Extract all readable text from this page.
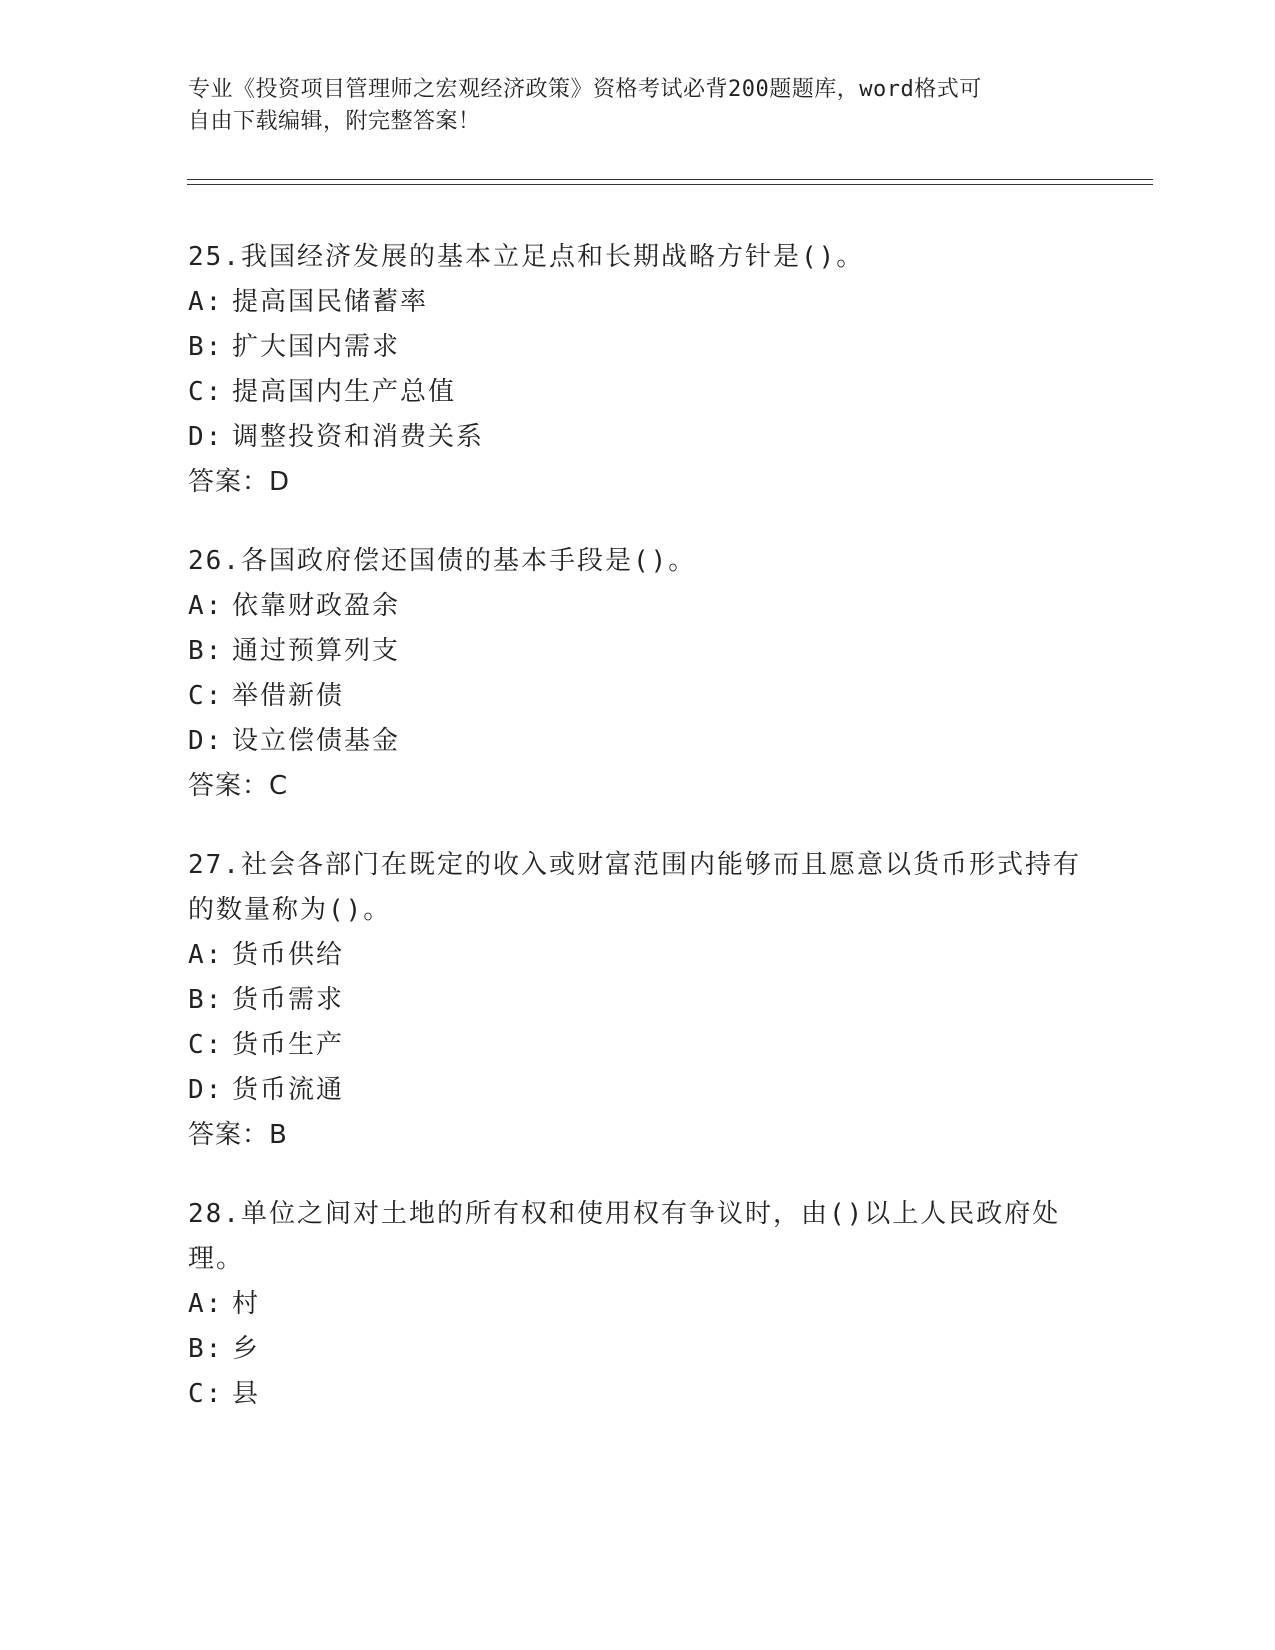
专业《投资项目管理师之宏观经济政策》资格考试必背200题题库，word格式可
自由下载编辑，附完整答案！
25.我国经济发展的基本立足点和长期战略方针是()。
A: 提高国民储蓄率
B: 扩大国内需求
C: 提高国内生产总值
D: 调整投资和消费关系
答案：D
26.各国政府偿还国债的基本手段是()。
A: 依靠财政盈余
B: 通过预算列支
C: 举借新债
D: 设立偿债基金
答案：C
27.社会各部门在既定的收入或财富范围内能够而且愿意以货币形式持有的数量称为()。
A: 货币供给
B: 货币需求
C: 货币生产
D: 货币流通
答案：B
28.单位之间对土地的所有权和使用权有争议时，由()以上人民政府处理。
A: 村
B: 乡
C: 县
